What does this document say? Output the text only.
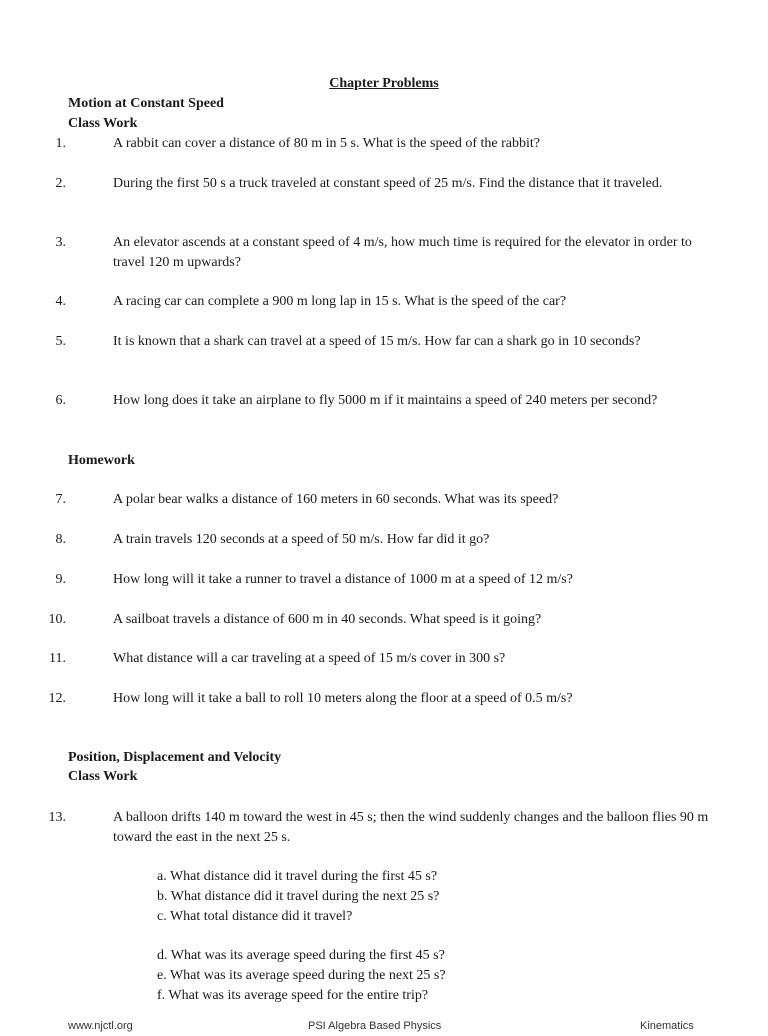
Chapter Problems
Motion at Constant Speed
Class Work
1.	A rabbit can cover a distance of 80 m in 5 s. What is the speed of the rabbit?
2.	During the first 50 s a truck traveled at constant speed of 25 m/s. Find the distance that it traveled.
3.	An elevator ascends at a constant speed of 4 m/s, how much time is required for the elevator in order to travel 120 m upwards?
4.	A racing car can complete a 900 m long lap in 15 s. What is the speed of the car?
5.	It is known that a shark can travel at a speed of 15 m/s. How far can a shark go in 10 seconds?
6.	How long does it take an airplane to fly 5000 m if it maintains a speed of 240 meters per second?
Homework
7.	A polar bear walks a distance of 160 meters in 60 seconds. What was its speed?
8.	A train travels 120 seconds at a speed of 50 m/s. How far did it go?
9.	How long will it take a runner to travel a distance of 1000 m at a speed of 12 m/s?
10.	A sailboat travels a distance of 600 m in 40 seconds. What speed is it going?
11.	What distance will a car traveling at a speed of 15 m/s cover in 300 s?
12.	How long will it take a ball to roll 10 meters along the floor at a speed of 0.5 m/s?
Position, Displacement and Velocity
Class Work
13.	A balloon drifts 140 m toward the west in 45 s; then the wind suddenly changes and the balloon flies 90 m toward the east in the next 25 s.
a. What distance did it travel during the first 45 s?
b. What distance did it travel during the next 25 s?
c. What total distance did it travel?
d. What was its average speed during the first 45 s?
e. What was its average speed during the next 25 s?
f. What was its average speed for the entire trip?
www.njctl.org	PSI Algebra Based Physics	Kinematics
